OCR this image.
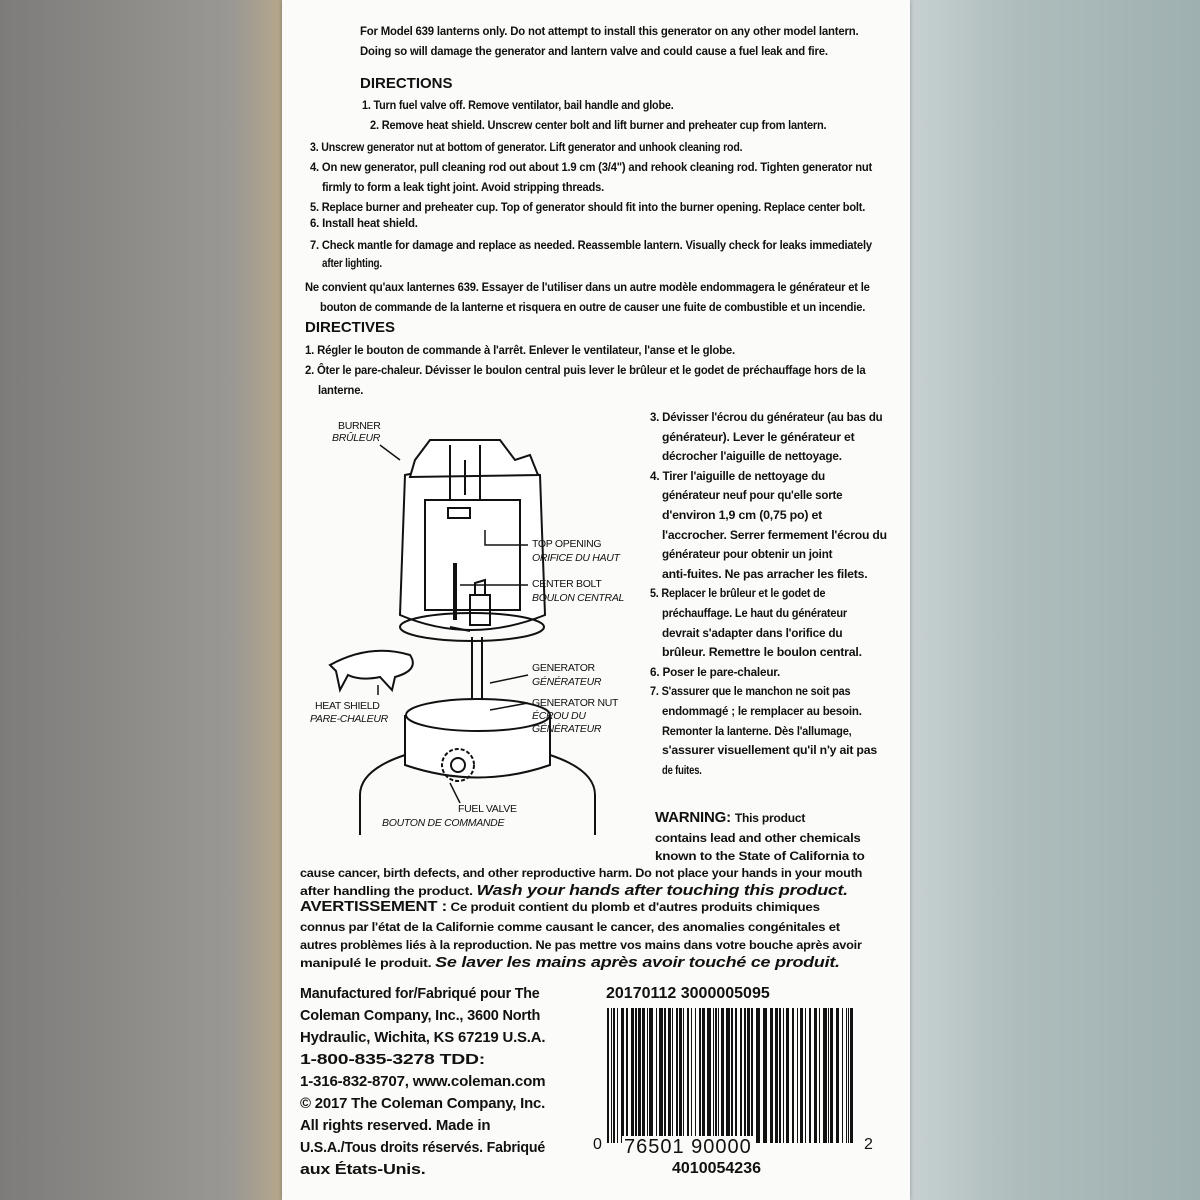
For Model 639 lanterns only. Do not attempt to install this generator on any other model lantern.
Doing so will damage the generator and lantern valve and could cause a fuel leak and fire.
DIRECTIONS
1. Turn fuel valve off. Remove ventilator, bail handle and globe.
2. Remove heat shield. Unscrew center bolt and lift burner and preheater cup from lantern.
3. Unscrew generator nut at bottom of generator. Lift generator and unhook cleaning rod.
4. On new generator, pull cleaning rod out about 1.9 cm (3/4") and rehook cleaning rod. Tighten generator nut
firmly to form a leak tight joint. Avoid stripping threads.
5. Replace burner and preheater cup. Top of generator should fit into the burner opening. Replace center bolt.
6. Install heat shield.
7. Check mantle for damage and replace as needed. Reassemble lantern. Visually check for leaks immediately
after lighting.
Ne convient qu'aux lanternes 639. Essayer de l'utiliser dans un autre modèle endommagera le générateur et le
bouton de commande de la lanterne et risquera en outre de causer une fuite de combustible et un incendie.
DIRECTIVES
1. Régler le bouton de commande à l'arrêt. Enlever le ventilateur, l'anse et le globe.
2. Ôter le pare-chaleur. Dévisser le boulon central puis lever le brûleur et le godet de préchauffage hors de la
lanterne.
3. Dévisser l'écrou du générateur (au bas du
générateur). Lever le générateur et
décrocher l'aiguille de nettoyage.
4. Tirer l'aiguille de nettoyage du
générateur neuf pour qu'elle sorte
d'environ 1,9 cm (0,75 po) et
l'accrocher. Serrer fermement l'écrou du
générateur pour obtenir un joint
anti-fuites. Ne pas arracher les filets.
5. Replacer le brûleur et le godet de
préchauffage. Le haut du générateur
devrait s'adapter dans l'orifice du
brûleur. Remettre le boulon central.
6. Poser le pare-chaleur.
7. S'assurer que le manchon ne soit pas
endommagé ; le remplacer au besoin.
Remonter la lanterne. Dès l'allumage,
s'assurer visuellement qu'il n'y ait pas
de fuites.
BURNER
BRÛLEUR
TOP OPENING
ORIFICE DU HAUT
CENTER BOLT
BOULON CENTRAL
GENERATOR
GÉNÉRATEUR
GENERATOR NUT
ÉCROU DU
GÉNÉRATEUR
HEAT SHIELD
PARE-CHALEUR
FUEL VALVE
BOUTON DE COMMANDE	WARNING: This product
contains lead and other chemicals
known to the State of California to
cause cancer, birth defects, and other reproductive harm. Do not place your hands in your mouth
after handling the product. Wash your hands after touching this product.
AVERTISSEMENT : Ce produit contient du plomb et d'autres produits chimiques
connus par l'état de la Californie comme causant le cancer, des anomalies congénitales et
autres problèmes liés à la reproduction. Ne pas mettre vos mains dans votre bouche après avoir
manipulé le produit. Se laver les mains après avoir touché ce produit.
Manufactured for/Fabriqué pour The
Coleman Company, Inc., 3600 North
Hydraulic, Wichita, KS 67219 U.S.A.
1-800-835-3278 TDD:
1-316-832-8707, www.coleman.com
© 2017 The Coleman Company, Inc.
All rights reserved. Made in
U.S.A./Tous droits réservés. Fabriqué
aux États-Unis.
20170112 3000005095
0 76501 90000	2
4010054236
